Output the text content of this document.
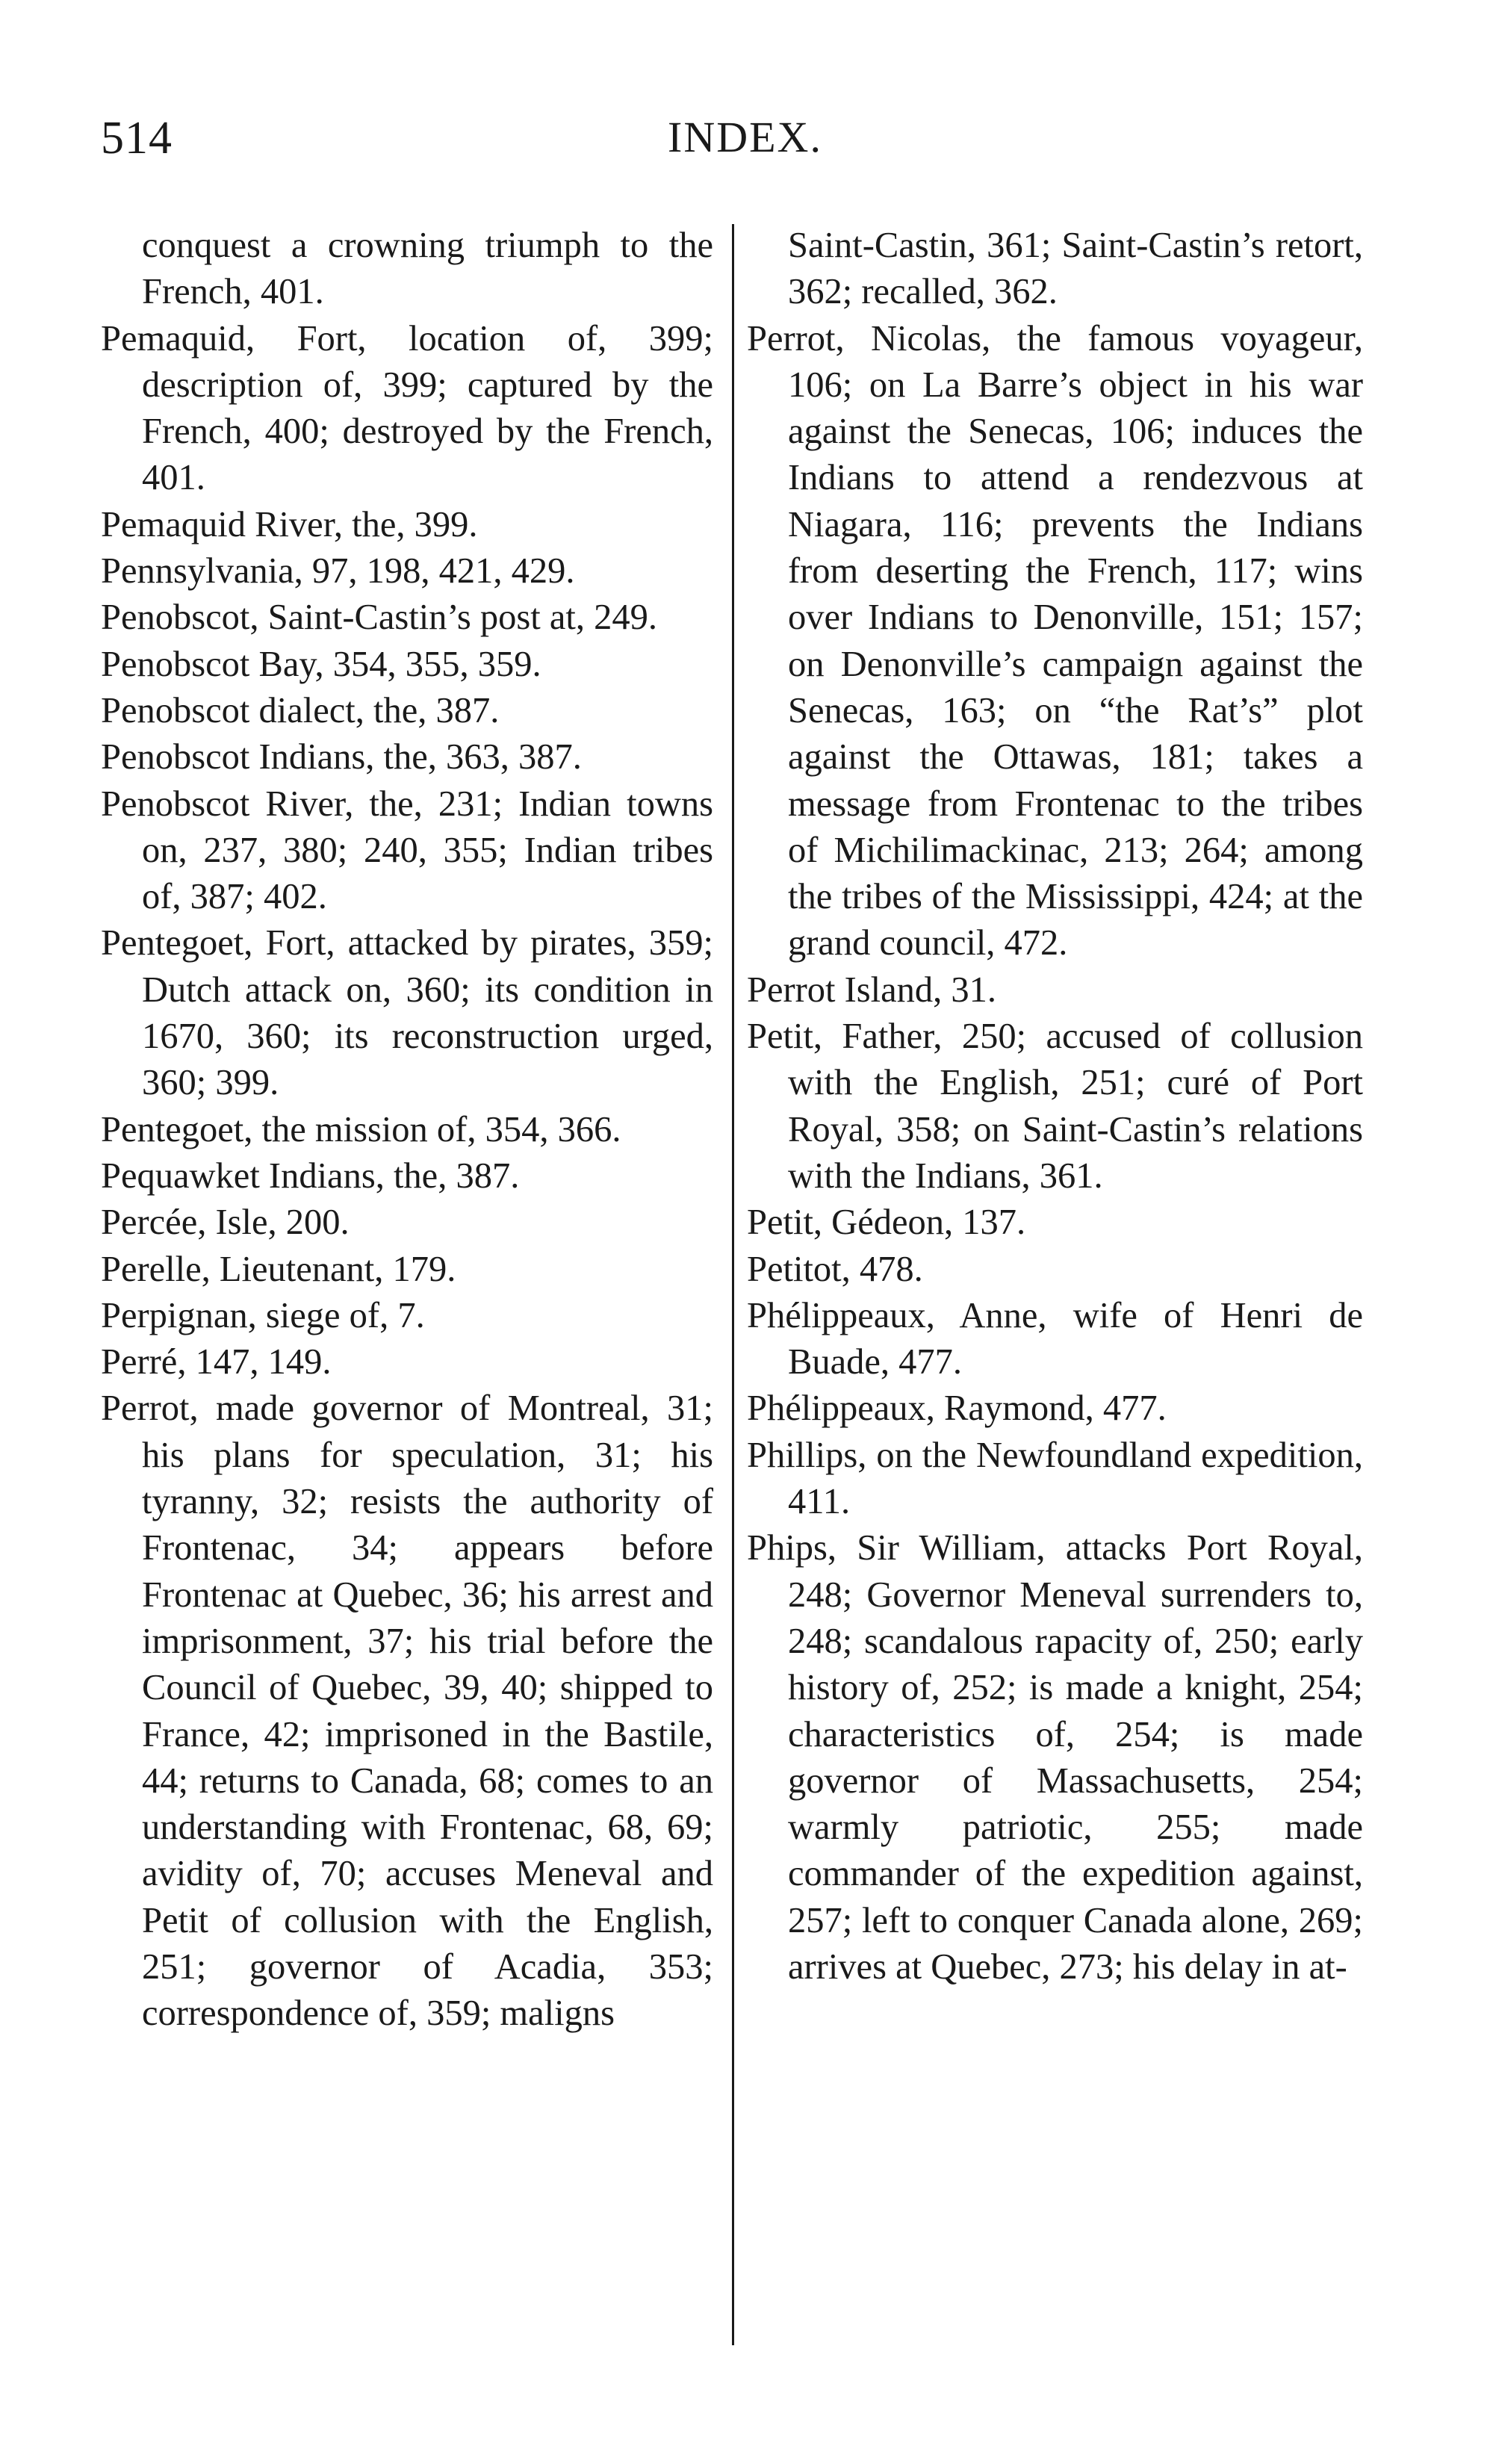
514	INDEX.

conquest a crowning triumph to the French, 401.

Pemaquid, Fort, location of, 399; description of, 399; captured by the French, 400; destroyed by the French, 401.

Pemaquid River, the, 399.

Pennsylvania, 97, 198, 421, 429.

Penobscot, Saint-Castin’s post at, 249.

Penobscot Bay, 354, 355, 359.

Penobscot dialect, the, 387.

Penobscot Indians, the, 363, 387.

Penobscot River, the, 231; Indian towns on, 237, 380; 240, 355; Indian tribes of, 387; 402.

Pentegoet, Fort, attacked by pirates, 359; Dutch attack on, 360; its condition in 1670, 360; its reconstruction urged, 360; 399.

Pentegoet, the mission of, 354, 366.

Pequawket Indians, the, 387.

Percée, Isle, 200.

Perelle, Lieutenant, 179.

Perpignan, siege of, 7.

Perré, 147, 149.

Perrot, made governor of Montreal, 31; his plans for speculation, 31; his tyranny, 32; resists the authority of Frontenac, 34; appears before Frontenac at Quebec, 36; his arrest and imprisonment, 37; his trial before the Council of Quebec, 39, 40; shipped to France, 42; imprisoned in the Bastile, 44; returns to Canada, 68; comes to an understanding with Frontenac, 68, 69; avidity of, 70; accuses Meneval and Petit of collusion with the English, 251; governor of Acadia, 353; correspondence of, 359; maligns

Saint-Castin, 361; Saint-Castin’s retort, 362; recalled, 362.

Perrot, Nicolas, the famous voyageur, 106; on La Barre’s object in his war against the Senecas, 106; induces the Indians to attend a rendezvous at Niagara, 116; prevents the Indians from deserting the French, 117; wins over Indians to Denonville, 151; 157; on Denonville’s campaign against the Senecas, 163; on “the Rat’s” plot against the Ottawas, 181; takes a message from Frontenac to the tribes of Michilimackinac, 213; 264; among the tribes of the Mississippi, 424; at the grand council, 472.

Perrot Island, 31.

Petit, Father, 250; accused of collusion with the English, 251; curé of Port Royal, 358; on Saint-Castin’s relations with the Indians, 361.

Petit, Gédeon, 137.

Petitot, 478.

Phélippeaux, Anne, wife of Henri de Buade, 477.

Phélippeaux, Raymond, 477.

Phillips, on the Newfoundland expedition, 411.

Phips, Sir William, attacks Port Royal, 248; Governor Meneval surrenders to, 248; scandalous rapacity of, 250; early history of, 252; is made a knight, 254; characteristics of, 254; is made governor of Massachusetts, 254; warmly patriotic, 255; made commander of the expedition against, 257; left to conquer Canada alone, 269; arrives at Quebec, 273; his delay in at-
